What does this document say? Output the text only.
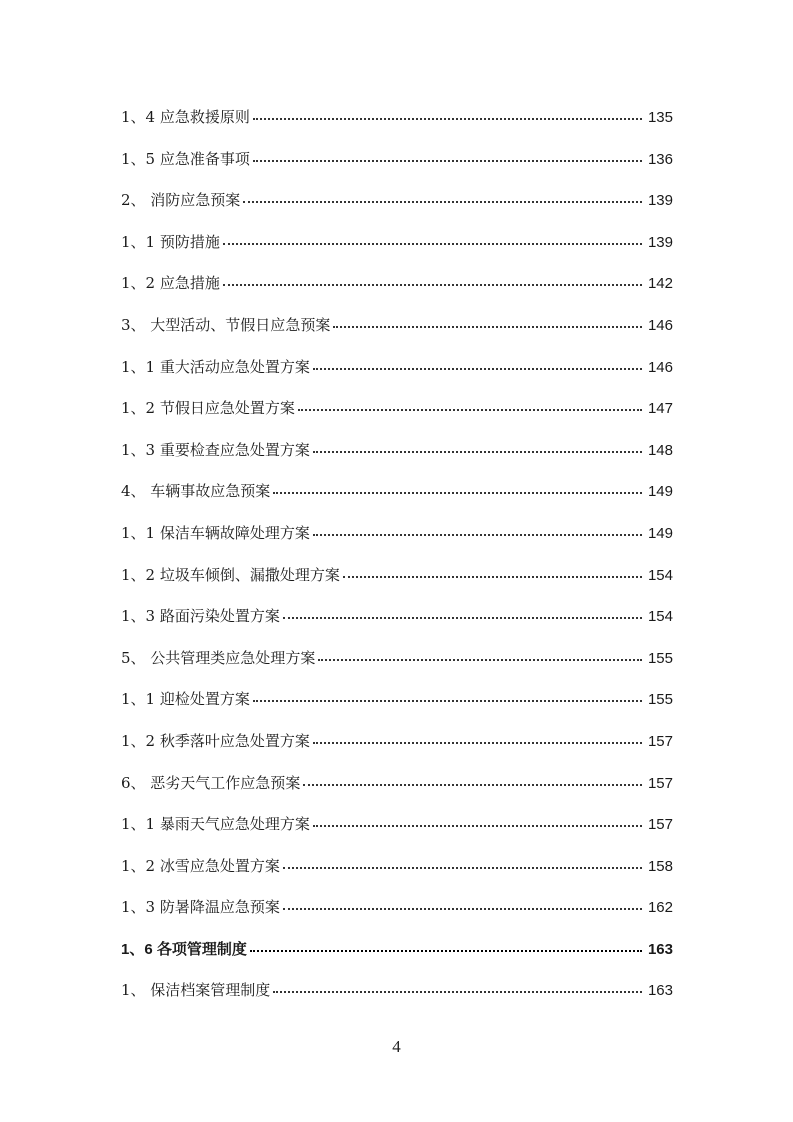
1、4 应急救援原则	135
1、5 应急准备事项	136
2、 消防应急预案	139
1、1 预防措施	139
1、2 应急措施	142
3、 大型活动、节假日应急预案	146
1、1 重大活动应急处置方案	146
1、2 节假日应急处置方案	147
1、3 重要检查应急处置方案	148
4、 车辆事故应急预案	149
1、1 保洁车辆故障处理方案	149
1、2 垃圾车倾倒、漏撒处理方案	154
1、3 路面污染处置方案	154
5、 公共管理类应急处理方案	155
1、1 迎检处置方案	155
1、2 秋季落叶应急处置方案	157
6、 恶劣天气工作应急预案	157
1、1 暴雨天气应急处理方案	157
1、2 冰雪应急处置方案	158
1、3 防暑降温应急预案	162
1、6 各项管理制度	163
1、 保洁档案管理制度	163
4
